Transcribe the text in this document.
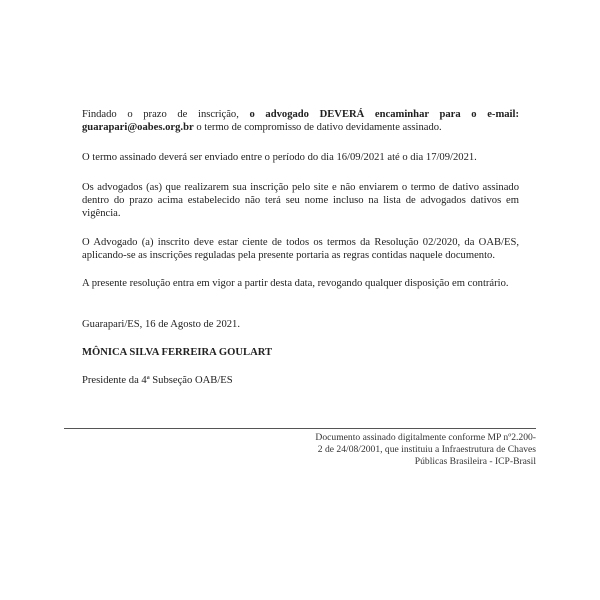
Findado o prazo de inscrição, o advogado DEVERÁ encaminhar para o e-mail: guarapari@oabes.org.br o termo de compromisso de dativo devidamente assinado.

O termo assinado deverá ser enviado entre o período do dia 16/09/2021 até o dia 17/09/2021.

Os advogados (as) que realizarem sua inscrição pelo site e não enviarem o termo de dativo assinado dentro do prazo acima estabelecido não terá seu nome incluso na lista de advogados dativos em vigência.

O Advogado (a) inscrito deve estar ciente de todos os termos da Resolução 02/2020, da OAB/ES, aplicando-se as inscrições reguladas pela presente portaria as regras contidas naquele documento.

A presente resolução entra em vigor a partir desta data, revogando qualquer disposição em contrário.

Guarapari/ES, 16 de Agosto de 2021.

MÔNICA SILVA FERREIRA GOULART

Presidente da 4ª Subseção OAB/ES

Documento assinado digitalmente conforme MP nº2.200-
2 de 24/08/2001, que instituiu a Infraestrutura de Chaves
Públicas Brasileira - ICP-Brasil
